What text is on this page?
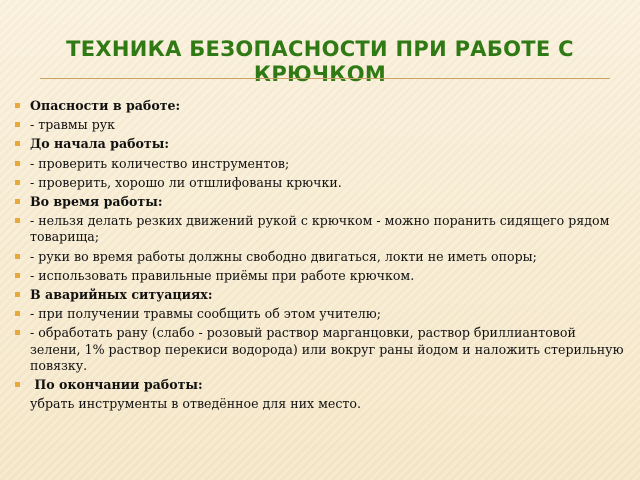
ТЕХНИКА БЕЗОПАСНОСТИ ПРИ РАБОТЕ С КРЮЧКОМ
Опасности в работе:
- травмы рук
До начала работы:
- проверить количество инструментов;
- проверить, хорошо ли отшлифованы крючки.
Во время работы:
- нельзя делать резких движений рукой с крючком - можно поранить сидящего рядом товарища;
- руки во время работы должны свободно двигаться, локти не иметь опоры;
- использовать правильные приёмы при работе крючком.
В аварийных ситуациях:
- при получении травмы сообщить об этом учителю;
- обработать рану (слабо - розовый раствор марганцовки, раствор бриллиантовой зелени, 1% раствор перекиси водорода) или вокруг раны йодом и наложить стерильную повязку.
По окончании работы:
убрать инструменты в отведённое для них место.
